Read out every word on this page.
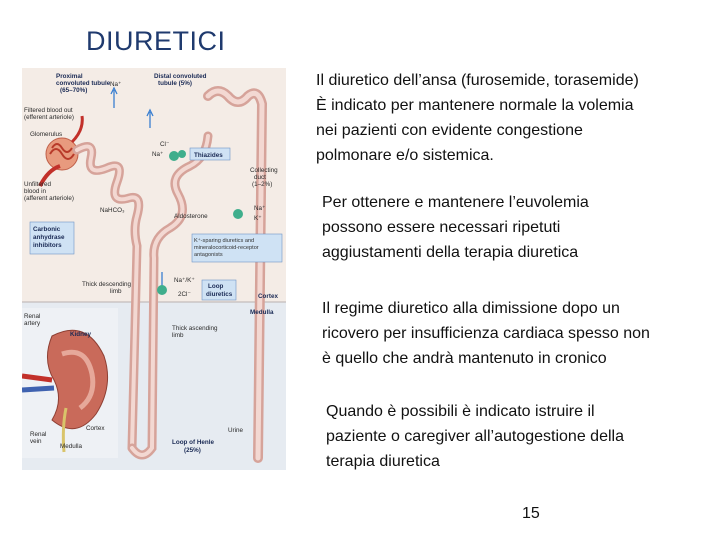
DIURETICI
Proximal convoluted tubule (65–70%)
Distal convoluted tubule (5%)
Filtered blood out (efferent arteriole)
Glomerulus
Unfiltered blood in (afferent arteriole)
Na⁺
Cl⁻
Na⁺	Thiazides
Collecting duct (1–2%)
NaHCO₃
Carbonic anhydrase inhibitors
Aldosterone
Na⁺ K⁺
K⁺-sparing diuretics and mineralocorticoid-receptor antagonists
Thick descending limb
Na⁺/K⁺ 2Cl⁻
Loop diuretics	Cortex
Medulla
Renal artery
Kidney
Thick ascending limb
Cortex
Renal vein
Medulla
Urine
Loop of Henle (25%)
Il diuretico dell’ansa (furosemide, torasemide)
È indicato per mantenere normale la volemia
nei pazienti con evidente congestione
polmonare e/o sistemica.
Per ottenere e mantenere l’euvolemia
possono essere necessari ripetuti
aggiustamenti della terapia diuretica
Il regime diuretico alla dimissione dopo un
ricovero per insufficienza cardiaca spesso non
è quello che andrà mantenuto in cronico
Quando è possibili è indicato istruire il
paziente o caregiver all’autogestione della
terapia diuretica
15
